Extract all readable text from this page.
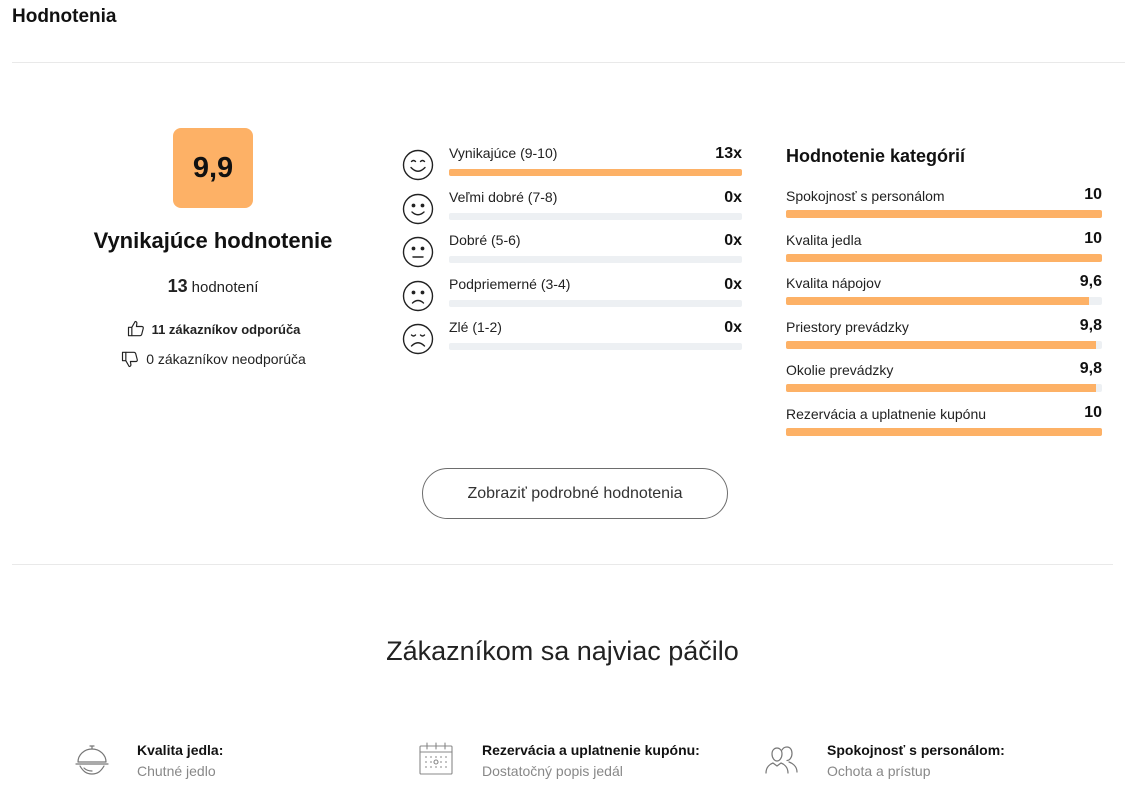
Hodnotenia
9,9
Vynikajúce hodnotenie
13 hodnotení
11 zákazníkov odporúča
0 zákazníkov neodporúča
Vynikajúce (9-10)	13x
Veľmi dobré (7-8)	0x
Dobré (5-6)	0x
Podpriemerné (3-4)	0x
Zlé (1-2)	0x
Hodnotenie kategórií
Spokojnosť s personálom	10
Kvalita jedla	10
Kvalita nápojov	9,6
Priestory prevádzky	9,8
Okolie prevádzky	9,8
Rezervácia a uplatnenie kupónu	10
Zobraziť podrobné hodnotenia
Zákazníkom sa najviac páčilo
Kvalita jedla:
Chutné jedlo
Rezervácia a uplatnenie kupónu:
Dostatočný popis jedál
Spokojnosť s personálom:
Ochota a prístup
